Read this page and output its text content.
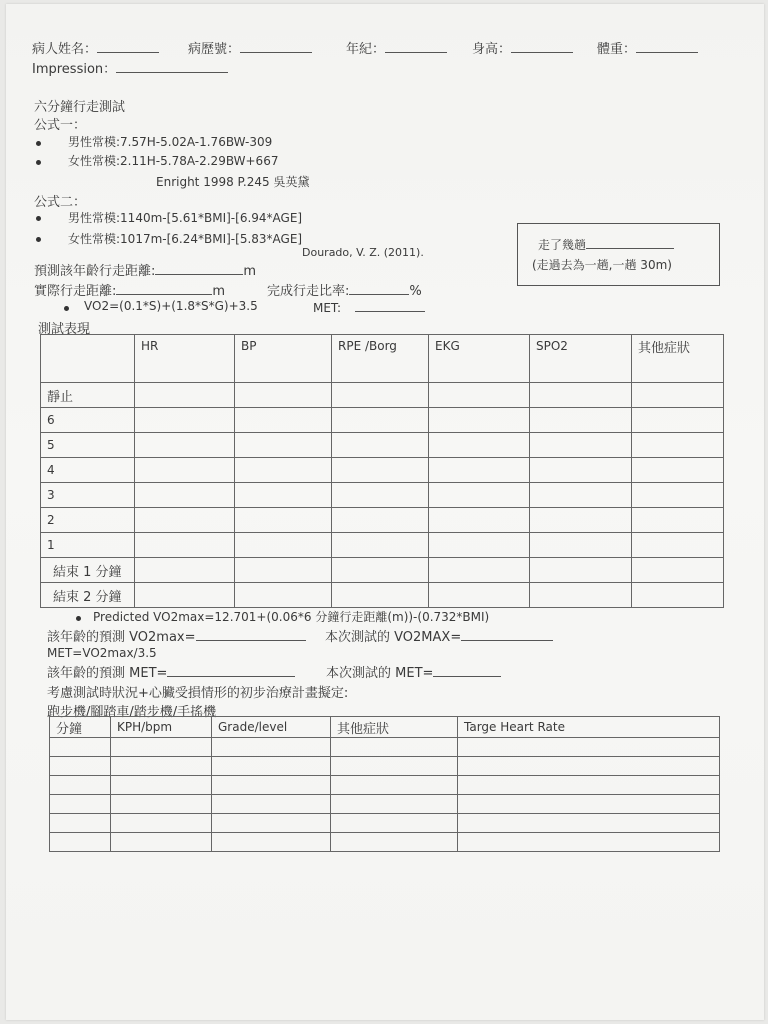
病人姓名：	病歷號：	年紀：	身高：	體重：
Impression：
六分鐘行走測試
公式一：
男性常模:7.57H-5.02A-1.76BW-309
女性常模:2.11H-5.78A-2.29BW+667
Enright 1998 P.245 吳英黛
公式二：
男性常模:1140m-[5.61*BMI]-[6.94*AGE]
女性常模:1017m-[6.24*BMI]-[5.83*AGE]
Dourado, V. Z. (2011).
走了幾趟
(走過去為一趟,一趟 30m)
預測該年齡行走距離:	m
實際行走距離:	m	完成行走比率:	%
VO2=(0.1*S)+(1.8*S*G)+3.5	MET:
測試表現
	HR	BP	RPE /Borg	EKG	SPO2	其他症狀
靜止						
6						
5						
4						
3						
2						
1						
結束 1 分鐘						
結束 2 分鐘						
Predicted VO2max=12.701+(0.06*6 分鐘行走距離(m))-(0.732*BMI)
該年齡的預測 VO2max=	本次測試的 VO2MAX=
MET=VO2max/3.5
該年齡的預測 MET=	本次測試的 MET=
考慮測試時狀況+心臟受損情形的初步治療計畫擬定:
跑步機/腳踏車/踏步機/手搖機
分鐘	KPH/bpm	Grade/level	其他症狀	Targe Heart Rate
